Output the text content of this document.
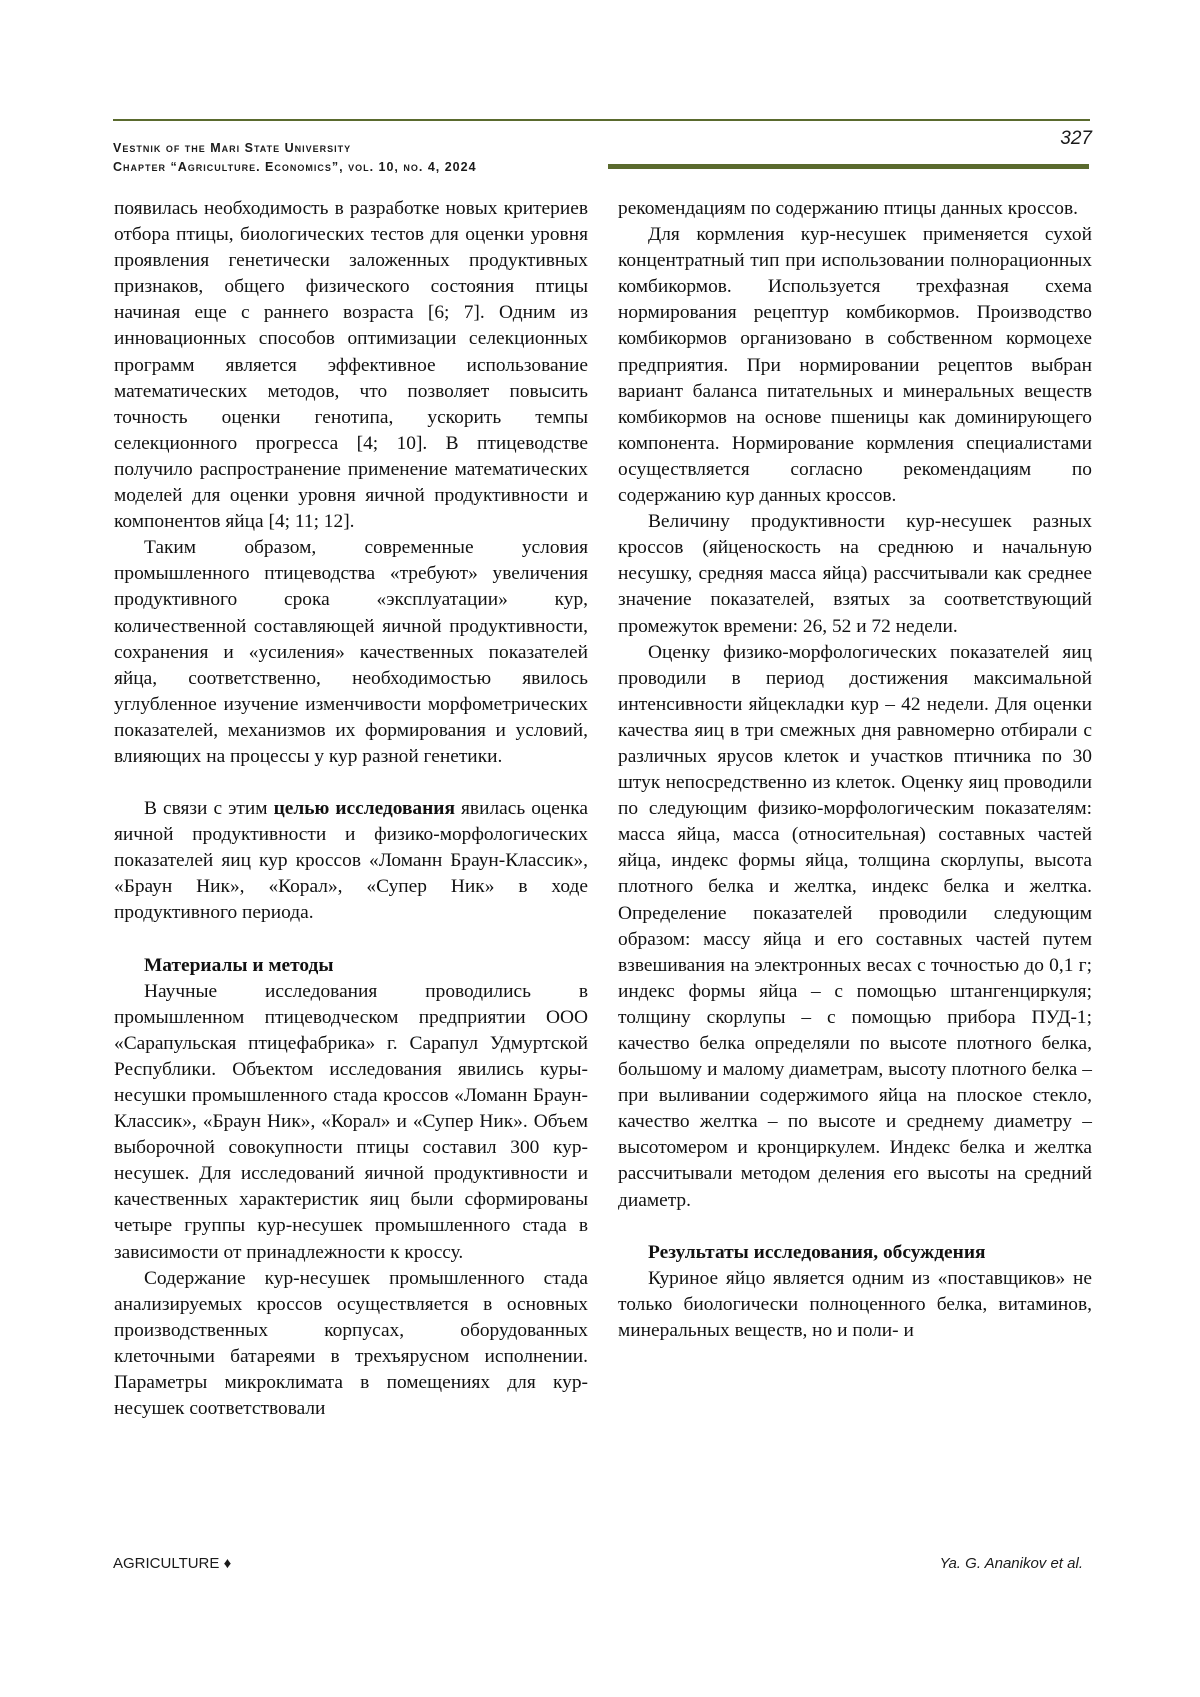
Vestnik of the Mari State University
Chapter “Agriculture. Economics”, vol. 10, no. 4, 2024
327

появилась необходимость в разработке новых критериев отбора птицы, биологических тестов для оценки уровня проявления генетически заложенных продуктивных признаков, общего физического состояния птицы начиная еще с раннего возраста [6; 7]. Одним из инновационных способов оптимизации селекционных программ является эффективное использование математических методов, что позволяет повысить точность оценки генотипа, ускорить темпы селекционного прогресса [4; 10]. В птицеводстве получило распространение применение математических моделей для оценки уровня яичной продуктивности и компонентов яйца [4; 11; 12].

Таким образом, современные условия промышленного птицеводства «требуют» увеличения продуктивного срока «эксплуатации» кур, количественной составляющей яичной продуктивности, сохранения и «усиления» качественных показателей яйца, соответственно, необходимостью явилось углубленное изучение изменчивости морфометрических показателей, механизмов их формирования и условий, влияющих на процессы у кур разной генетики.

В связи с этим целью исследования явилась оценка яичной продуктивности и физико-морфологических показателей яиц кур кроссов «Ломанн Браун-Классик», «Браун Ник», «Корал», «Супер Ник» в ходе продуктивного периода.

Материалы и методы

Научные исследования проводились в промышленном птицеводческом предприятии ООО «Сарапульская птицефабрика» г. Сарапул Удмуртской Республики. Объектом исследования явились куры-несушки промышленного стада кроссов «Ломанн Браун-Классик», «Браун Ник», «Корал» и «Супер Ник». Объем выборочной совокупности птицы составил 300 кур-несушек. Для исследований яичной продуктивности и качественных характеристик яиц были сформированы четыре группы кур-несушек промышленного стада в зависимости от принадлежности к кроссу.

Содержание кур-несушек промышленного стада анализируемых кроссов осуществляется в основных производственных корпусах, оборудованных клеточными батареями в трехъярусном исполнении. Параметры микроклимата в помещениях для кур-несушек соответствовали

рекомендациям по содержанию птицы данных кроссов.

Для кормления кур-несушек применяется сухой концентратный тип при использовании полнорационных комбикормов. Используется трехфазная схема нормирования рецептур комбикормов. Производство комбикормов организовано в собственном кормоцехе предприятия. При нормировании рецептов выбран вариант баланса питательных и минеральных веществ комбикормов на основе пшеницы как доминирующего компонента. Нормирование кормления специалистами осуществляется согласно рекомендациям по содержанию кур данных кроссов.

Величину продуктивности кур-несушек разных кроссов (яйценоскость на среднюю и начальную несушку, средняя масса яйца) рассчитывали как среднее значение показателей, взятых за соответствующий промежуток времени: 26, 52 и 72 недели.

Оценку физико-морфологических показателей яиц проводили в период достижения максимальной интенсивности яйцекладки кур – 42 недели. Для оценки качества яиц в три смежных дня равномерно отбирали с различных ярусов клеток и участков птичника по 30 штук непосредственно из клеток. Оценку яиц проводили по следующим физико-морфологическим показателям: масса яйца, масса (относительная) составных частей яйца, индекс формы яйца, толщина скорлупы, высота плотного белка и желтка, индекс белка и желтка. Определение показателей проводили следующим образом: массу яйца и его составных частей путем взвешивания на электронных весах с точностью до 0,1 г; индекс формы яйца – с помощью штангенциркуля; толщину скорлупы – с помощью прибора ПУД-1; качество белка определяли по высоте плотного белка, большому и малому диаметрам, высоту плотного белка – при выливании содержимого яйца на плоское стекло, качество желтка – по высоте и среднему диаметру – высотомером и кронциркулем. Индекс белка и желтка рассчитывали методом деления его высоты на средний диаметр.

Результаты исследования, обсуждения

Куриное яйцо является одним из «поставщиков» не только биологически полноценного белка, витаминов, минеральных веществ, но и поли- и

AGRICULTURE ♦	Ya. G. Ananikov et al.
